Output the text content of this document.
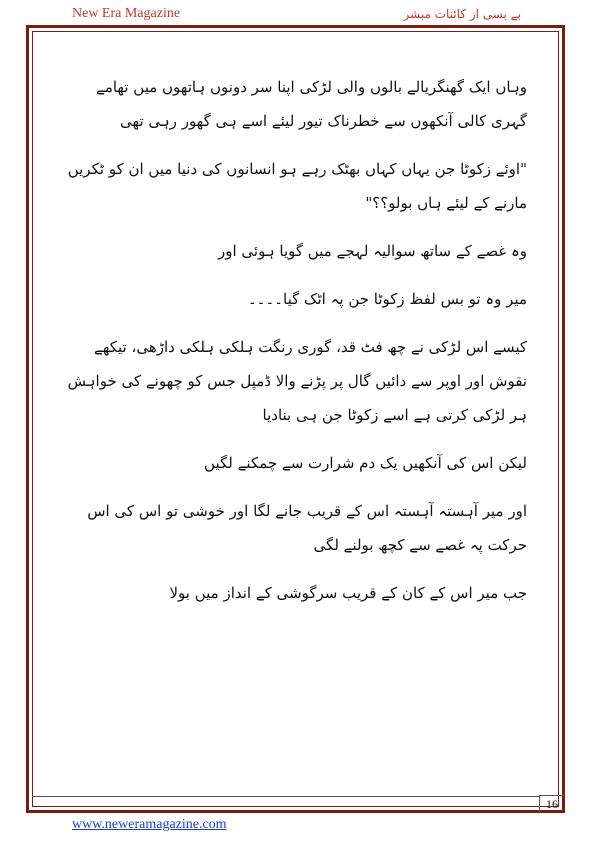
New Era Magazine	بے بسی از کائنات مبشر

وہاں ایک گھنگریالے بالوں والی لڑکی اپنا سر دونوں ہاتھوں میں تھامے گہری کالی آنکھوں سے خطرناک تیور لیئے اسے ہی گھور رہی تھی

"اوئے زکوٹا جن یہاں کہاں بھٹک رہے ہو انسانوں کی دنیا میں ان کو ٹکریں مارنے کے لیئے ہاں بولو؟؟"

وہ غصے کے ساتھ سوالیہ لہجے میں گویا ہوئی اور

میر وہ تو بس لفظ زکوٹا جن پہ اٹک گیا۔۔۔۔

کیسے اس لڑکی نے چھ فٹ قد، گوری رنگت ہلکی ہلکی داڑھی، تیکھے نقوش اور اوپر سے دائیں گال پر پڑنے والا ڈمپل جس کو چھونے کی خواہش ہر لڑکی کرتی ہے اسے زکوٹا جن ہی بنادیا

لیکن اس کی آنکھیں یک دم شرارت سے چمکنے لگیں

اور میر آہستہ آہستہ اس کے قریب جانے لگا اور خوشی تو اس کی اس حرکت پہ غصے سے کچھ بولنے لگی

جب میر اس کے کان کے قریب سرگوشی کے انداز میں بولا

16
www.neweramagazine.com
